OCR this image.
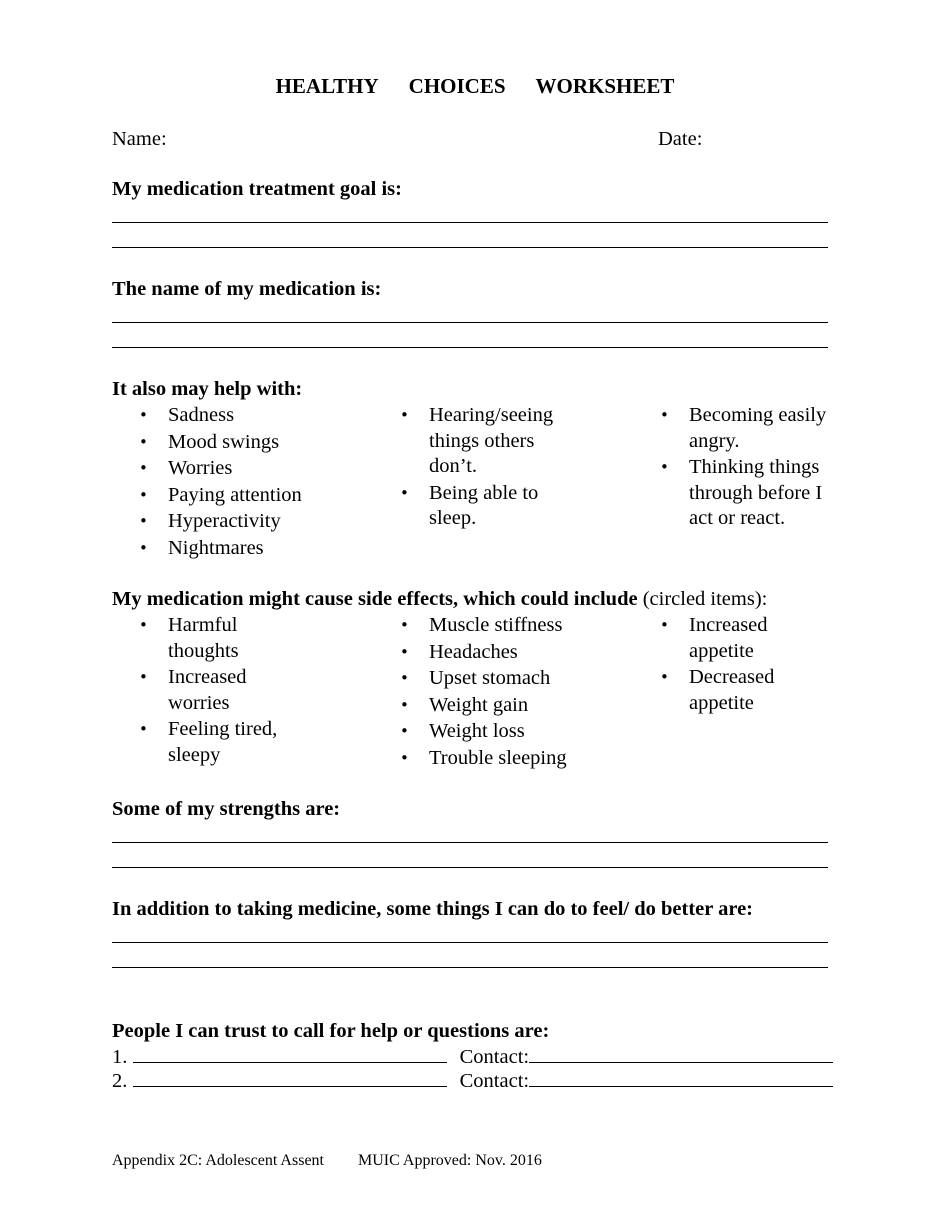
HEALTHY CHOICES WORKSHEET
Name:	Date:
My medication treatment goal is:
The name of my medication is:
It also may help with:
• Sadness
• Mood swings
• Worries
• Paying attention
• Hyperactivity
• Nightmares
• Hearing/seeing things others don’t.
• Being able to sleep.
• Becoming easily angry.
• Thinking things through before I act or react.
My medication might cause side effects, which could include (circled items):
• Harmful thoughts
• Increased worries
• Feeling tired, sleepy
• Muscle stiffness
• Headaches
• Upset stomach
• Weight gain
• Weight loss
• Trouble sleeping
• Increased appetite
• Decreased appetite
Some of my strengths are:
In addition to taking medicine, some things I can do to feel/ do better are:
People I can trust to call for help or questions are:
1.	Contact:
2.	Contact:
Appendix 2C: Adolescent Assent MUIC Approved: Nov. 2016
